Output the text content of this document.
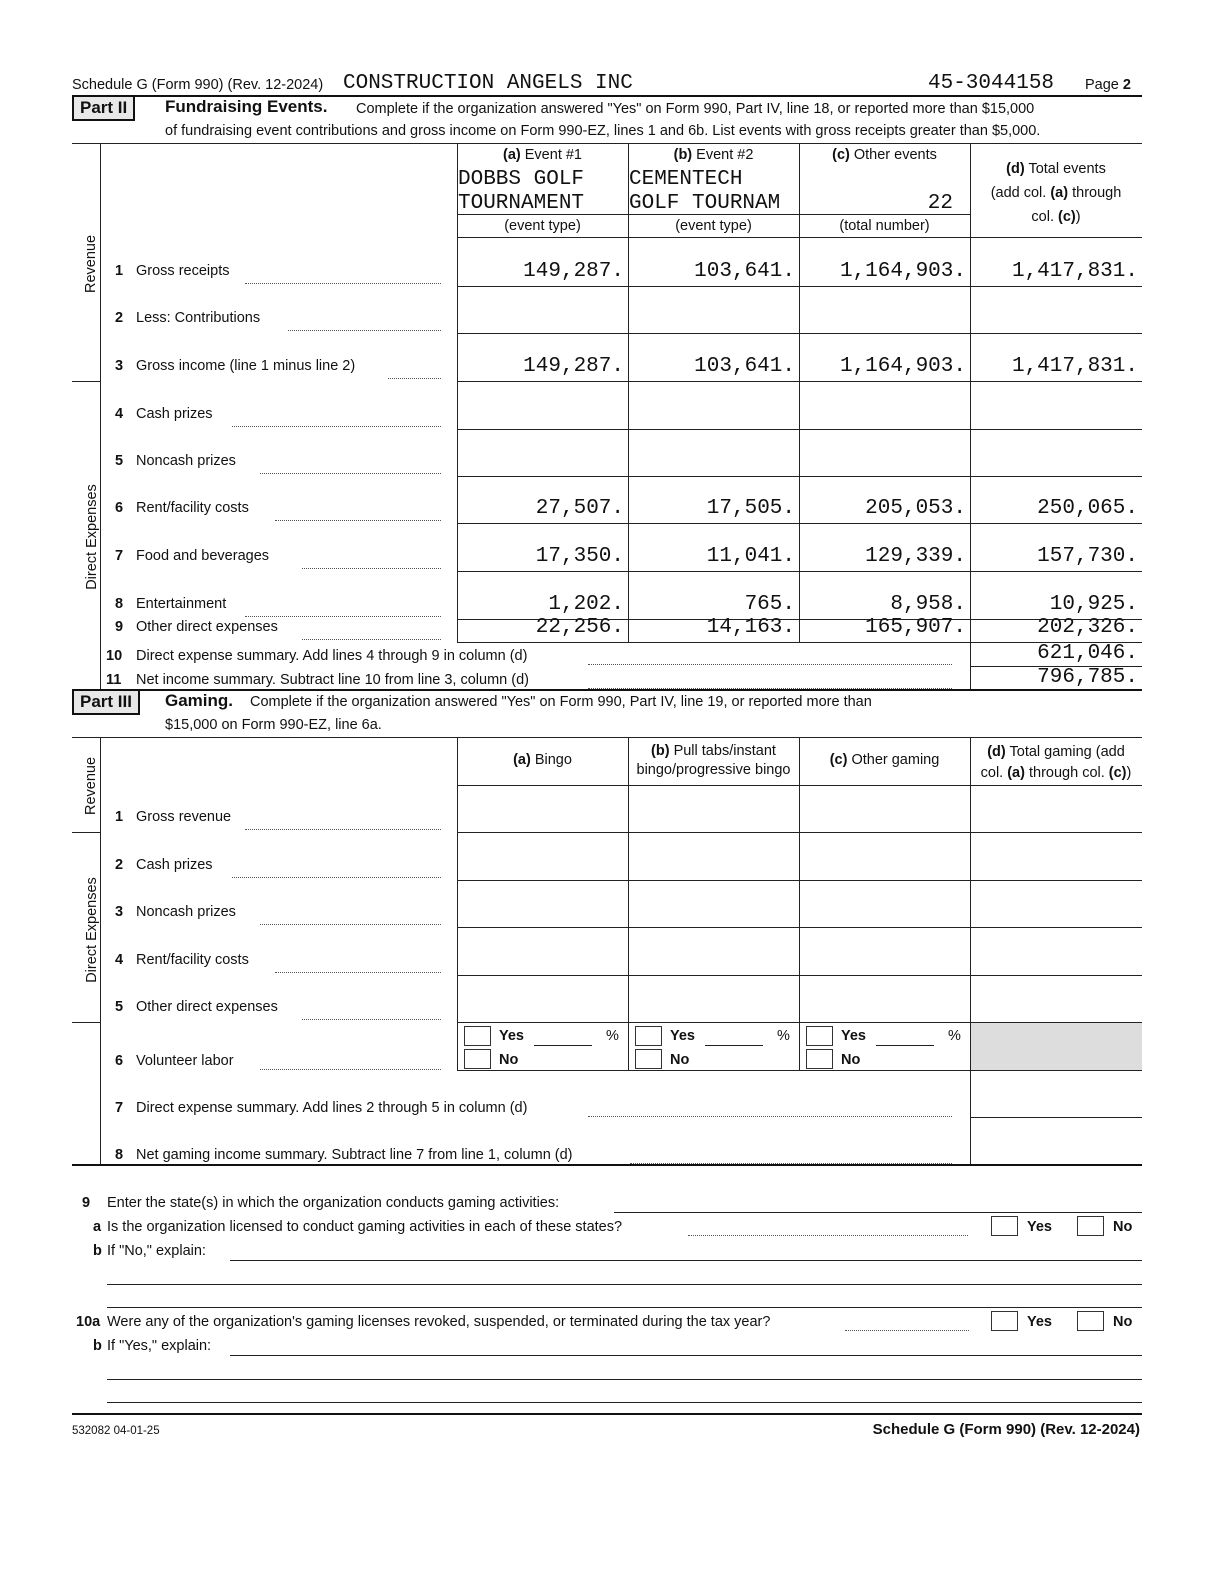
Schedule G (Form 990) (Rev. 12-2024) CONSTRUCTION ANGELS INC	45-3044158 Page 2
Part II	Fundraising Events. Complete if the organization answered "Yes" on Form 990, Part IV, line 18, or reported more than $15,000
of fundraising event contributions and gross income on Form 990-EZ, lines 1 and 6b. List events with gross receipts greater than $5,000.
(a) Event #1
DOBBS GOLF
TOURNAMENT
(event type)
(b) Event #2
CEMENTECH
GOLF TOURNAM
(event type)
(c) Other events
22
(total number)
(d) Total events
(add col. (a) through
col. (c))
Revenue
Direct Expenses
1 Gross receipts	149,287.	103,641.	1,164,903.	1,417,831.
2 Less: Contributions
3 Gross income (line 1 minus line 2)	149,287.	103,641.	1,164,903.	1,417,831.
4 Cash prizes
5 Noncash prizes
6 Rent/facility costs	27,507.	17,505.	205,053.	250,065.
7 Food and beverages	17,350.	11,041.	129,339.	157,730.
8 Entertainment	1,202.	765.	8,958.	10,925.
9 Other direct expenses	22,256.	14,163.	165,907.	202,326.
10 Direct expense summary. Add lines 4 through 9 in column (d)	621,046.
11 Net income summary. Subtract line 10 from line 3, column (d)	796,785.
Part III	Gaming. Complete if the organization answered "Yes" on Form 990, Part IV, line 19, or reported more than
$15,000 on Form 990-EZ, line 6a.
(a) Bingo
(b) Pull tabs/instant
bingo/progressive bingo
(c) Other gaming	(d) Total gaming (add
col. (a) through col. (c))
Revenue
Direct Expenses
1 Gross revenue
2 Cash prizes
3 Noncash prizes
4 Rent/facility costs
5 Other direct expenses
6 Volunteer labor
Yes	%
No
Yes	%
No
Yes	%
No
7 Direct expense summary. Add lines 2 through 5 in column (d)
8 Net gaming income summary. Subtract line 7 from line 1, column (d)
9 Enter the state(s) in which the organization conducts gaming activities:
a Is the organization licensed to conduct gaming activities in each of these states?	Yes	No
b If "No," explain:
10a Were any of the organization's gaming licenses revoked, suspended, or terminated during the tax year?	Yes	No
b If "Yes," explain:
532082 04-01-25	Schedule G (Form 990) (Rev. 12-2024)
